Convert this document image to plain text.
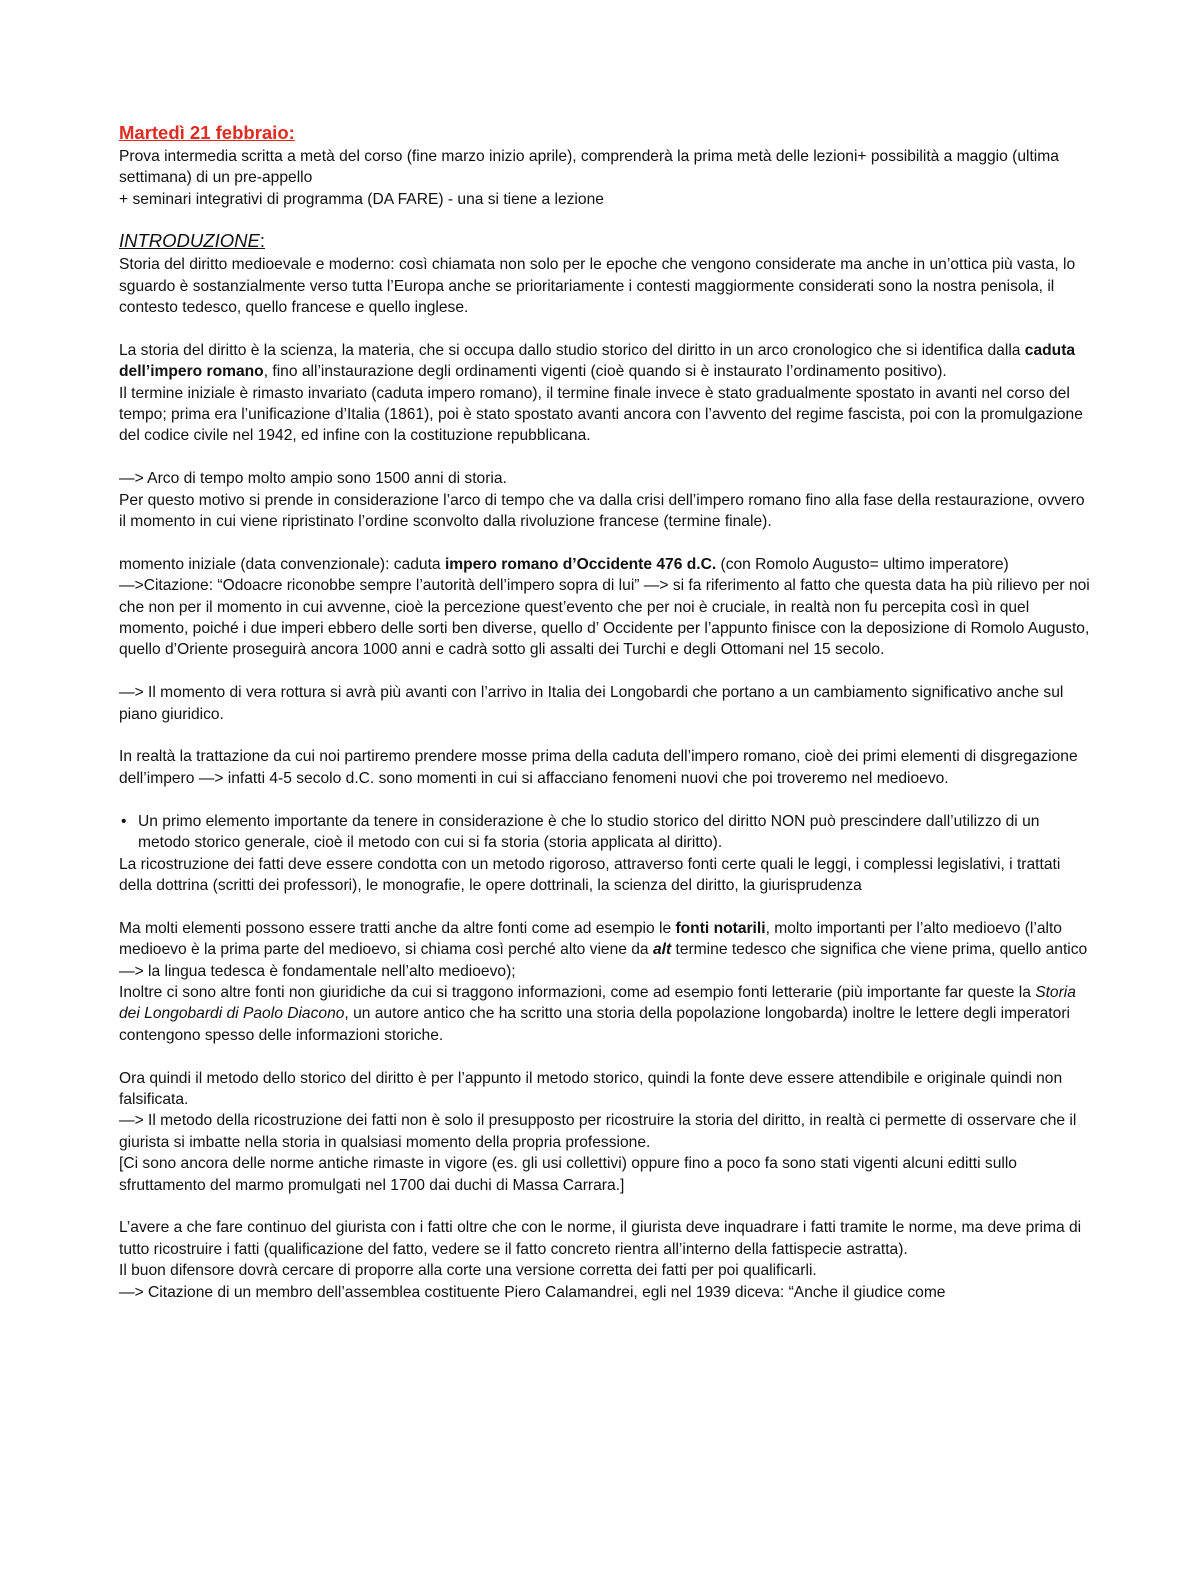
Martedì 21 febbraio:

Prova intermedia scritta a metà del corso (fine marzo inizio aprile), comprenderà la prima metà delle lezioni+ possibilità a maggio (ultima settimana) di un pre-appello

+ seminari integrativi di programma (DA FARE) - una si tiene a lezione

INTRODUZIONE:

Storia del diritto medioevale e moderno: così chiamata non solo per le epoche che vengono considerate ma anche in un’ottica più vasta, lo sguardo è sostanzialmente verso tutta l’Europa anche se prioritariamente i contesti maggiormente considerati sono la nostra penisola, il contesto tedesco, quello francese e quello inglese.

La storia del diritto è la scienza, la materia, che si occupa dallo studio storico del diritto in un arco cronologico che si identifica dalla caduta dell’impero romano, fino all’instaurazione degli ordinamenti vigenti (cioè quando si è instaurato l’ordinamento positivo).

Il termine iniziale è rimasto invariato (caduta impero romano), il termine finale invece è stato gradualmente spostato in avanti nel corso del tempo; prima era l’unificazione d’Italia (1861), poi è stato spostato avanti ancora con l’avvento del regime fascista, poi con la promulgazione del codice civile nel 1942, ed infine con la costituzione repubblicana.

—> Arco di tempo molto ampio sono 1500 anni di storia.

Per questo motivo si prende in considerazione l’arco di tempo che va dalla crisi dell’impero romano fino alla fase della restaurazione, ovvero il momento in cui viene ripristinato l’ordine sconvolto dalla rivoluzione francese (termine finale).

momento iniziale (data convenzionale): caduta impero romano d’Occidente 476 d.C. (con Romolo Augusto= ultimo imperatore)

—>Citazione: “Odoacre riconobbe sempre l’autorità dell’impero sopra di lui” —> si fa riferimento al fatto che questa data ha più rilievo per noi che non per il momento in cui avvenne, cioè la percezione quest’evento che per noi è cruciale, in realtà non fu percepita così in quel momento, poiché i due imperi ebbero delle sorti ben diverse, quello d’ Occidente per l’appunto finisce con la deposizione di Romolo Augusto, quello d’Oriente proseguirà ancora 1000 anni e cadrà sotto gli assalti dei Turchi e degli Ottomani nel 15 secolo.

—> Il momento di vera rottura si avrà più avanti con l’arrivo in Italia dei Longobardi che portano a un cambiamento significativo anche sul piano giuridico.

In realtà la trattazione da cui noi partiremo prendere mosse prima della caduta dell’impero romano, cioè dei primi elementi di disgregazione dell’impero —> infatti 4-5 secolo d.C. sono momenti in cui si affacciano fenomeni nuovi che poi troveremo nel medioevo.

• Un primo elemento importante da tenere in considerazione è che lo studio storico del diritto NON può prescindere dall’utilizzo di un metodo storico generale, cioè il metodo con cui si fa storia (storia applicata al diritto).

La ricostruzione dei fatti deve essere condotta con un metodo rigoroso, attraverso fonti certe quali le leggi, i complessi legislativi, i trattati della dottrina (scritti dei professori), le monografie, le opere dottrinali, la scienza del diritto, la giurisprudenza

Ma molti elementi possono essere tratti anche da altre fonti come ad esempio le fonti notarili, molto importanti per l’alto medioevo (l’alto medioevo è la prima parte del medioevo, si chiama così perché alto viene da alt termine tedesco che significa che viene prima, quello antico —> la lingua tedesca è fondamentale nell’alto medioevo);

Inoltre ci sono altre fonti non giuridiche da cui si traggono informazioni, come ad esempio fonti letterarie (più importante far queste la Storia dei Longobardi di Paolo Diacono, un autore antico che ha scritto una storia della popolazione longobarda) inoltre le lettere degli imperatori contengono spesso delle informazioni storiche.

Ora quindi il metodo dello storico del diritto è per l’appunto il metodo storico, quindi la fonte deve essere attendibile e originale quindi non falsificata.

—> Il metodo della ricostruzione dei fatti non è solo il presupposto per ricostruire la storia del diritto, in realtà ci permette di osservare che il giurista si imbatte nella storia in qualsiasi momento della propria professione.

[Ci sono ancora delle norme antiche rimaste in vigore (es. gli usi collettivi) oppure fino a poco fa sono stati vigenti alcuni editti sullo sfruttamento del marmo promulgati nel 1700 dai duchi di Massa Carrara.]

L’avere a che fare continuo del giurista con i fatti oltre che con le norme, il giurista deve inquadrare i fatti tramite le norme, ma deve prima di tutto ricostruire i fatti (qualificazione del fatto, vedere se il fatto concreto rientra all’interno della fattispecie astratta).

Il buon difensore dovrà cercare di proporre alla corte una versione corretta dei fatti per poi qualificarli.

—> Citazione di un membro dell’assemblea costituente Piero Calamandrei, egli nel 1939 diceva: “Anche il giudice come
